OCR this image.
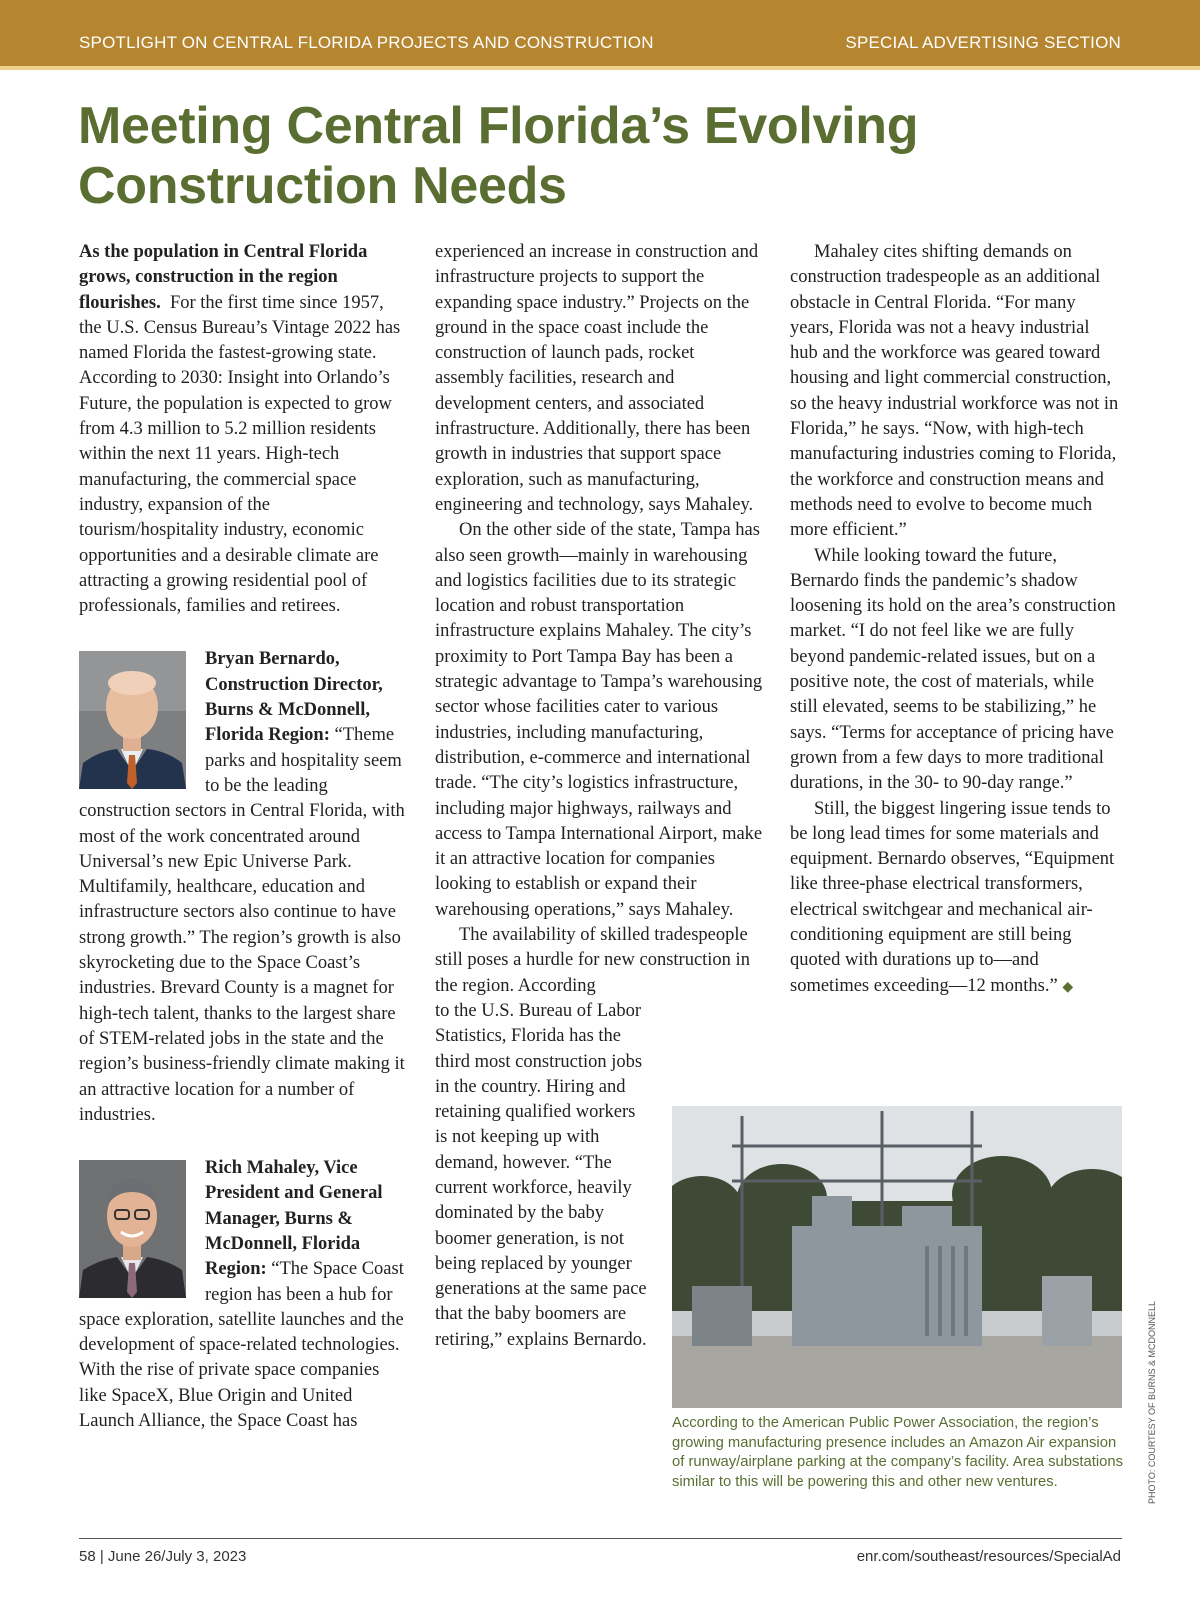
SPOTLIGHT ON CENTRAL FLORIDA PROJECTS AND CONSTRUCTION	SPECIAL ADVERTISING SECTION
Meeting Central Florida’s Evolving Construction Needs

As the population in Central Florida grows, construction in the region flourishes. For the first time since 1957, the U.S. Census Bureau’s Vintage 2022 has named Florida the fastest-growing state. According to 2030: Insight into Orlando’s Future, the population is expected to grow from 4.3 million to 5.2 million residents within the next 11 years. High-tech manufacturing, the commercial space industry, expansion of the tourism/hospitality industry, economic opportunities and a desirable climate are attracting a growing residential pool of professionals, families and retirees.

Bryan Bernardo, Construction Director, Burns & McDonnell, Florida Region: “Theme parks and hospitality seem to be the leading construction sectors in Central Florida, with most of the work concentrated around Universal’s new Epic Universe Park. Multifamily, healthcare, education and infrastructure sectors also continue to have strong growth.” The region’s growth is also skyrocketing due to the Space Coast’s industries. Brevard County is a magnet for high-tech talent, thanks to the largest share of STEM-related jobs in the state and the region’s business-friendly climate making it an attractive location for a number of industries.

Rich Mahaley, Vice President and General Manager, Burns & McDonnell, Florida Region: “The Space Coast region has been a hub for space exploration, satellite launches and the development of space-related technologies. With the rise of private space companies like SpaceX, Blue Origin and United Launch Alliance, the Space Coast has

experienced an increase in construction and infrastructure projects to support the expanding space industry.” Projects on the ground in the space coast include the construction of launch pads, rocket assembly facilities, research and development centers, and associated infrastructure. Additionally, there has been growth in industries that support space exploration, such as manufacturing, engineering and technology, says Mahaley.

On the other side of the state, Tampa has also seen growth—mainly in warehousing and logistics facilities due to its strategic location and robust transportation infrastructure explains Mahaley. The city’s proximity to Port Tampa Bay has been a strategic advantage to Tampa’s warehousing sector whose facilities cater to various industries, including manufacturing, distribution, e-commerce and international trade. “The city’s logistics infrastructure, including major highways, railways and access to Tampa International Airport, make it an attractive location for companies looking to establish or expand their warehousing operations,” says Mahaley.

The availability of skilled tradespeople still poses a hurdle for new construction in the region. According

to the U.S. Bureau of Labor Statistics, Florida has the third most construction jobs in the country. Hiring and retaining qualified workers is not keeping up with demand, however. “The current workforce, heavily dominated by the baby boomer generation, is not being replaced by younger generations at the same pace that the baby boomers are retiring,” explains Bernardo.

Mahaley cites shifting demands on construction tradespeople as an additional obstacle in Central Florida. “For many years, Florida was not a heavy industrial hub and the workforce was geared toward housing and light commercial construction, so the heavy industrial workforce was not in Florida,” he says. “Now, with high-tech manufacturing industries coming to Florida, the workforce and construction means and methods need to evolve to become much more efficient.”

While looking toward the future, Bernardo finds the pandemic’s shadow loosening its hold on the area’s construction market. “I do not feel like we are fully beyond pandemic-related issues, but on a positive note, the cost of materials, while still elevated, seems to be stabilizing,” he says. “Terms for acceptance of pricing have grown from a few days to more traditional durations, in the 30- to 90-day range.”

Still, the biggest lingering issue tends to be long lead times for some materials and equipment. Bernardo observes, “Equipment like three-phase electrical transformers, electrical switchgear and mechanical air-conditioning equipment are still being quoted with durations up to—and sometimes exceeding—12 months.” ◆

According to the American Public Power Association, the region’s growing manufacturing presence includes an Amazon Air expansion of runway/airplane parking at the company’s facility. Area substations similar to this will be powering this and other new ventures.	PHOTO: COURTESY OF BURNS & MCDONNELL
58 | June 26/July 3, 2023	enr.com/southeast/resources/SpecialAd
